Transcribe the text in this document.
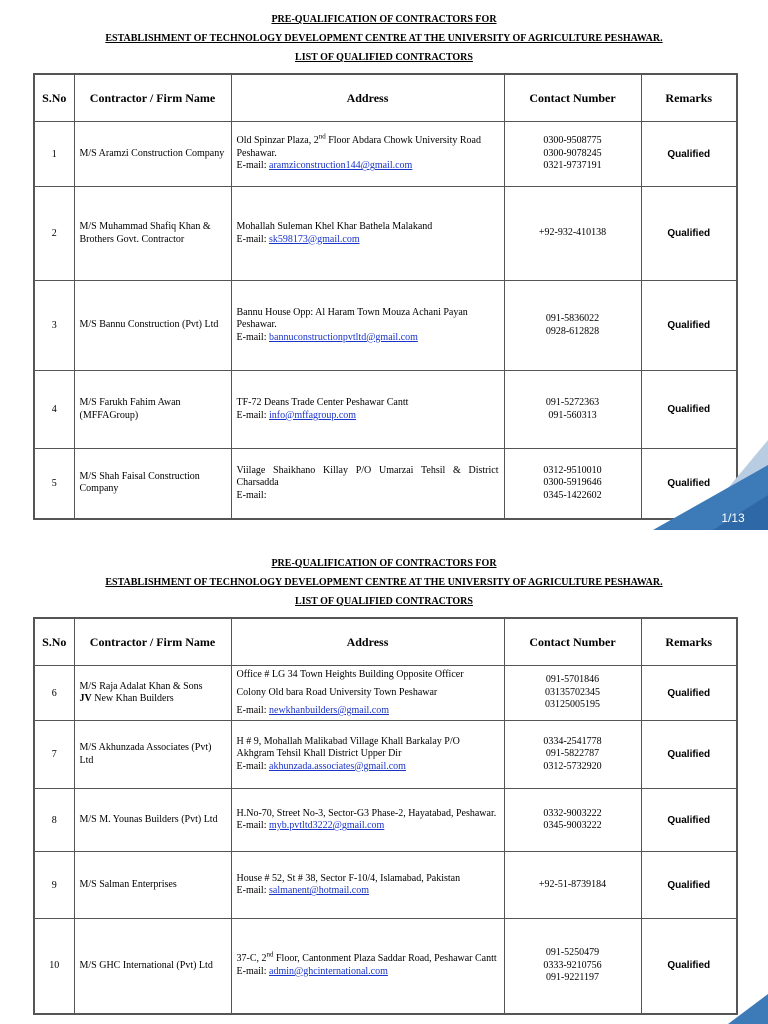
PRE-QUALIFICATION OF CONTRACTORS FOR
ESTABLISHMENT OF TECHNOLOGY DEVELOPMENT CENTRE AT THE UNIVERSITY OF AGRICULTURE PESHAWAR.
LIST OF QUALIFIED CONTRACTORS
S.No	Contractor / Firm Name	Address	Contact Number	Remarks
1	M/S Aramzi Construction Company	Old Spinzar Plaza, 2nd Floor Abdara Chowk University Road Peshawar.
E-mail: aramziconstruction144@gmail.com	0300-9508775
0300-9078245
0321-9737191	Qualified
2	M/S Muhammad Shafiq Khan & Brothers Govt. Contractor	Mohallah Suleman Khel Khar Bathela Malakand
E-mail: sk598173@gmail.com	+92-932-410138	Qualified
3	M/S Bannu Construction (Pvt) Ltd	Bannu House Opp: Al Haram Town Mouza Achani Payan Peshawar.
E-mail: bannuconstructionpvtltd@gmail.com	091-5836022
0928-612828	Qualified
4	M/S Farukh Fahim Awan
(MFFAGroup)	TF-72 Deans Trade Center Peshawar Cantt
E-mail: info@mffagroup.com	091-5272363
091-560313	Qualified
5	M/S Shah Faisal Construction Company	Viilage Shaikhano Killay P/O Umarzai Tehsil & District Charsadda
E-mail:	0312-9510010
0300-5919646
0345-1422602	Qualified
1/13
PRE-QUALIFICATION OF CONTRACTORS FOR
ESTABLISHMENT OF TECHNOLOGY DEVELOPMENT CENTRE AT THE UNIVERSITY OF AGRICULTURE PESHAWAR.
LIST OF QUALIFIED CONTRACTORS
S.No	Contractor / Firm Name	Address	Contact Number	Remarks
6	M/S Raja Adalat Khan & Sons
JV New Khan Builders	Office # LG 34 Town Heights Building Opposite Officer
Colony Old bara Road University Town Peshawar
E-mail: newkhanbuilders@gmail.com	091-5701846
03135702345
03125005195	Qualified
7	M/S Akhunzada Associates (Pvt) Ltd	H # 9, Mohallah Malikabad Village Khall Barkalay P/O Akhgram Tehsil Khall District Upper Dir
E-mail: akhunzada.associates@gmail.com	0334-2541778
091-5822787
0312-5732920	Qualified
8	M/S M. Younas Builders (Pvt) Ltd	H.No-70, Street No-3, Sector-G3 Phase-2, Hayatabad, Peshawar.
E-mail: myb.pvtltd3222@gmail.com	0332-9003222
0345-9003222	Qualified
9	M/S Salman Enterprises	House # 52, St # 38, Sector F-10/4, Islamabad, Pakistan
E-mail: salmanent@hotmail.com	+92-51-8739184	Qualified
10	M/S GHC International (Pvt) Ltd	37-C, 2nd Floor, Cantonment Plaza Saddar Road, Peshawar Cantt
E-mail: admin@ghcinternational.com	091-5250479
0333-9210756
091-9221197	Qualified
